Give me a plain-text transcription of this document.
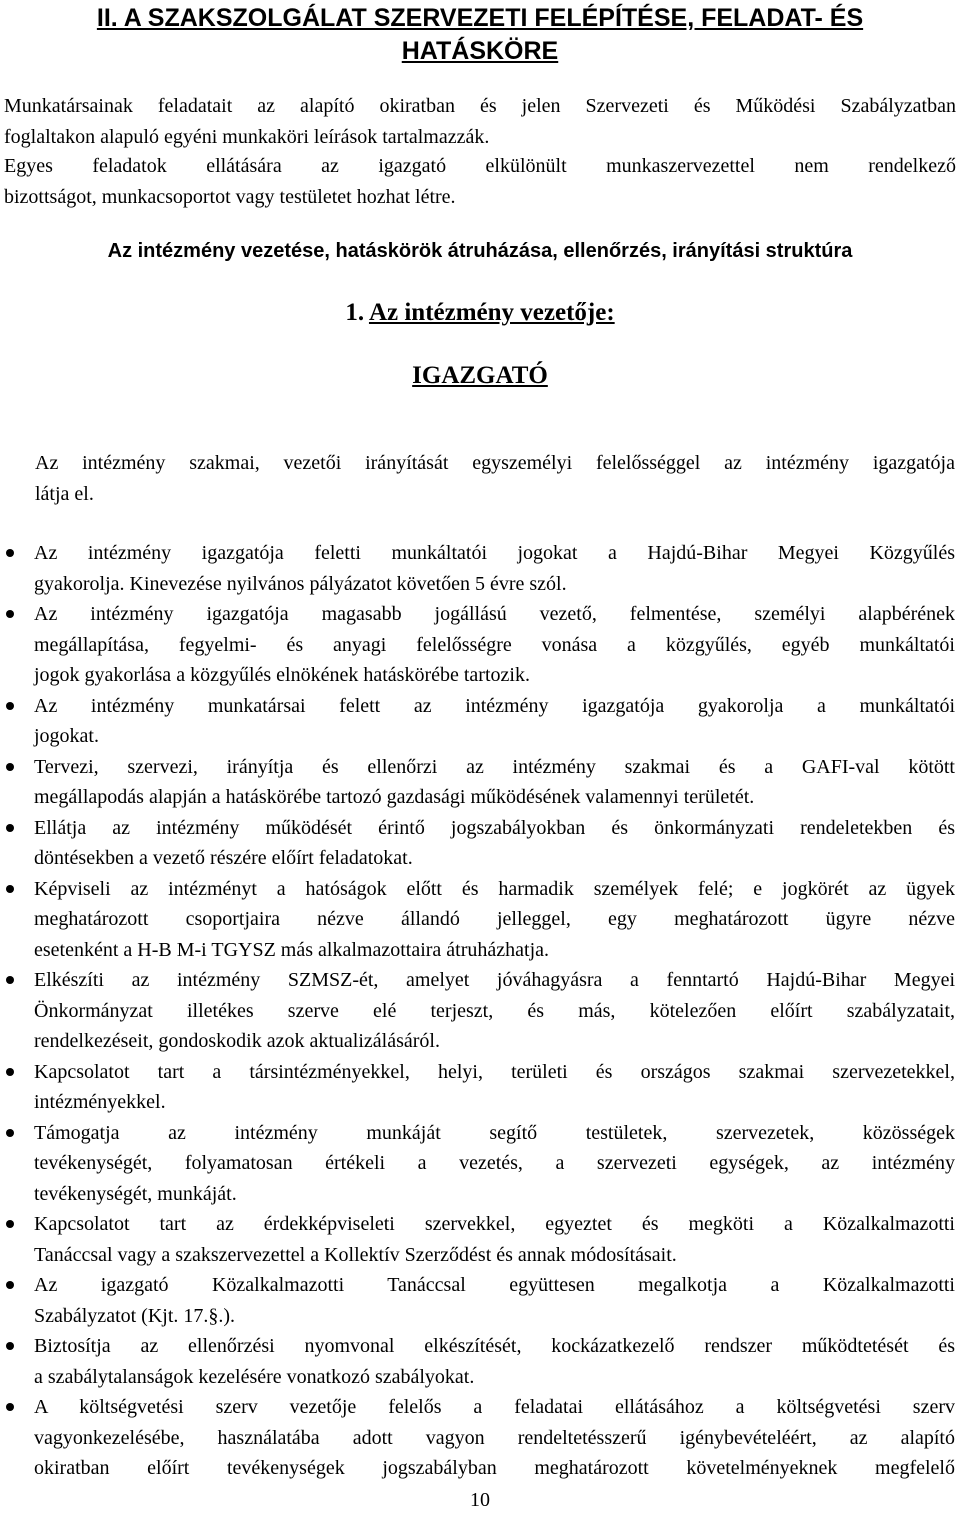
II. A SZAKSZOLGÁLAT SZERVEZETI FELÉPÍTÉSE, FELADAT- ÉS
HATÁSKÖRE

Munkatársainak feladatait az alapító okiratban és jelen Szervezeti és Működési Szabályzatban
foglaltakon alapuló egyéni munkaköri leírások tartalmazzák.

Egyes feladatok ellátására az igazgató elkülönült munkaszervezettel nem rendelkező
bizottságot, munkacsoportot vagy testületet hozhat létre.

Az intézmény vezetése, hatáskörök átruházása, ellenőrzés, irányítási struktúra
1. Az intézmény vezetője:
IGAZGATÓ

Az intézmény szakmai, vezetői irányítását egyszemélyi felelősséggel az intézmény igazgatója
látja el.

Az intézmény igazgatója feletti munkáltatói jogokat a Hajdú-Bihar Megyei Közgyűlés
gyakorolja. Kinevezése nyilvános pályázatot követően 5 évre szól.
Az intézmény igazgatója magasabb jogállású vezető, felmentése, személyi alapbérének
megállapítása, fegyelmi- és anyagi felelősségre vonása a közgyűlés, egyéb munkáltatói
jogok gyakorlása a közgyűlés elnökének hatáskörébe tartozik.
Az intézmény munkatársai felett az intézmény igazgatója gyakorolja a munkáltatói
jogokat.
Tervezi, szervezi, irányítja és ellenőrzi az intézmény szakmai és a GAFI-val kötött
megállapodás alapján a hatáskörébe tartozó gazdasági működésének valamennyi területét.
Ellátja az intézmény működését érintő jogszabályokban és önkormányzati rendeletekben és
döntésekben a vezető részére előírt feladatokat.
Képviseli az intézményt a hatóságok előtt és harmadik személyek felé; e jogkörét az ügyek
meghatározott csoportjaira nézve állandó jelleggel, egy meghatározott ügyre nézve
esetenként a H-B M-i TGYSZ más alkalmazottaira átruházhatja.
Elkészíti az intézmény SZMSZ-ét, amelyet jóváhagyásra a fenntartó Hajdú-Bihar Megyei
Önkormányzat illetékes szerve elé terjeszt, és más, kötelezően előírt szabályzatait,
rendelkezéseit, gondoskodik azok aktualizálásáról.
Kapcsolatot tart a társintézményekkel, helyi, területi és országos szakmai szervezetekkel,
intézményekkel.
Támogatja az intézmény munkáját segítő testületek, szervezetek, közösségek
tevékenységét, folyamatosan értékeli a vezetés, a szervezeti egységek, az intézmény
tevékenységét, munkáját.
Kapcsolatot tart az érdekképviseleti szervekkel, egyeztet és megköti a Közalkalmazotti
Tanáccsal vagy a szakszervezettel a Kollektív Szerződést és annak módosításait.
Az igazgató Közalkalmazotti Tanáccsal együttesen megalkotja a Közalkalmazotti
Szabályzatot (Kjt. 17.§.).
Biztosítja az ellenőrzési nyomvonal elkészítését, kockázatkezelő rendszer működtetését és
a szabálytalanságok kezelésére vonatkozó szabályokat.
A költségvetési szerv vezetője felelős a feladatai ellátásához a költségvetési szerv
vagyonkezelésébe, használatába adott vagyon rendeltetésszerű igénybevételéért, az alapító
okiratban előírt tevékenységek jogszabályban meghatározott követelményeknek megfelelő

10
